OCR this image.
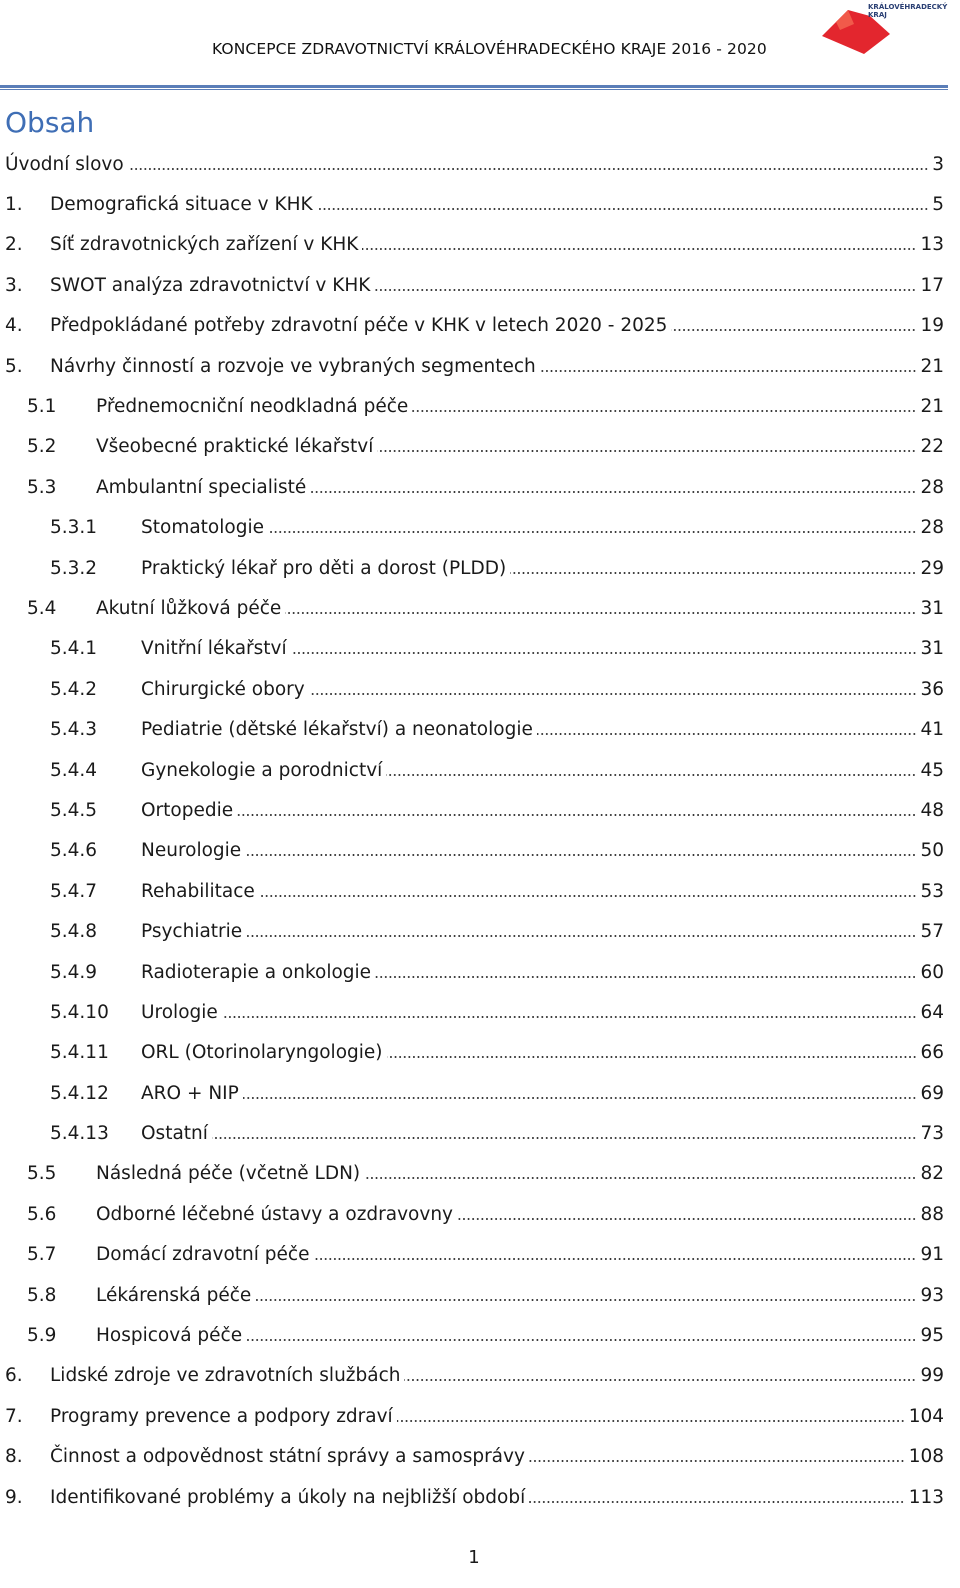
KONCEPCE ZDRAVOTNICTVÍ KRÁLOVÉHRADECKÉHO KRAJE 2016 - 2020
KRÁLOVÉHRADECKÝ
KRAJ
Obsah
Úvodní slovo	3
1.	Demografická situace v KHK	5
2.	Síť zdravotnických zařízení v KHK	13
3.	SWOT analýza zdravotnictví v KHK	17
4.	Předpokládané potřeby zdravotní péče v KHK v letech 2020 - 2025	19
5.	Návrhy činností a rozvoje ve vybraných segmentech	21
5.1	Přednemocniční neodkladná péče	21
5.2	Všeobecné praktické lékařství	22
5.3	Ambulantní specialisté	28
5.3.1	Stomatologie	28
5.3.2	Praktický lékař pro děti a dorost (PLDD)	29
5.4	Akutní lůžková péče	31
5.4.1	Vnitřní lékařství	31
5.4.2	Chirurgické obory	36
5.4.3	Pediatrie (dětské lékařství) a neonatologie	41
5.4.4	Gynekologie a porodnictví	45
5.4.5	Ortopedie	48
5.4.6	Neurologie	50
5.4.7	Rehabilitace	53
5.4.8	Psychiatrie	57
5.4.9	Radioterapie a onkologie	60
5.4.10	Urologie	64
5.4.11	ORL (Otorinolaryngologie)	66
5.4.12	ARO + NIP	69
5.4.13	Ostatní	73
5.5	Následná péče (včetně LDN)	82
5.6	Odborné léčebné ústavy a ozdravovny	88
5.7	Domácí zdravotní péče	91
5.8	Lékárenská péče	93
5.9	Hospicová péče	95
6.	Lidské zdroje ve zdravotních službách	99
7.	Programy prevence a podpory zdraví	104
8.	Činnost a odpovědnost státní správy a samosprávy	108
9.	Identifikované problémy a úkoly na nejbližší období	113
1
